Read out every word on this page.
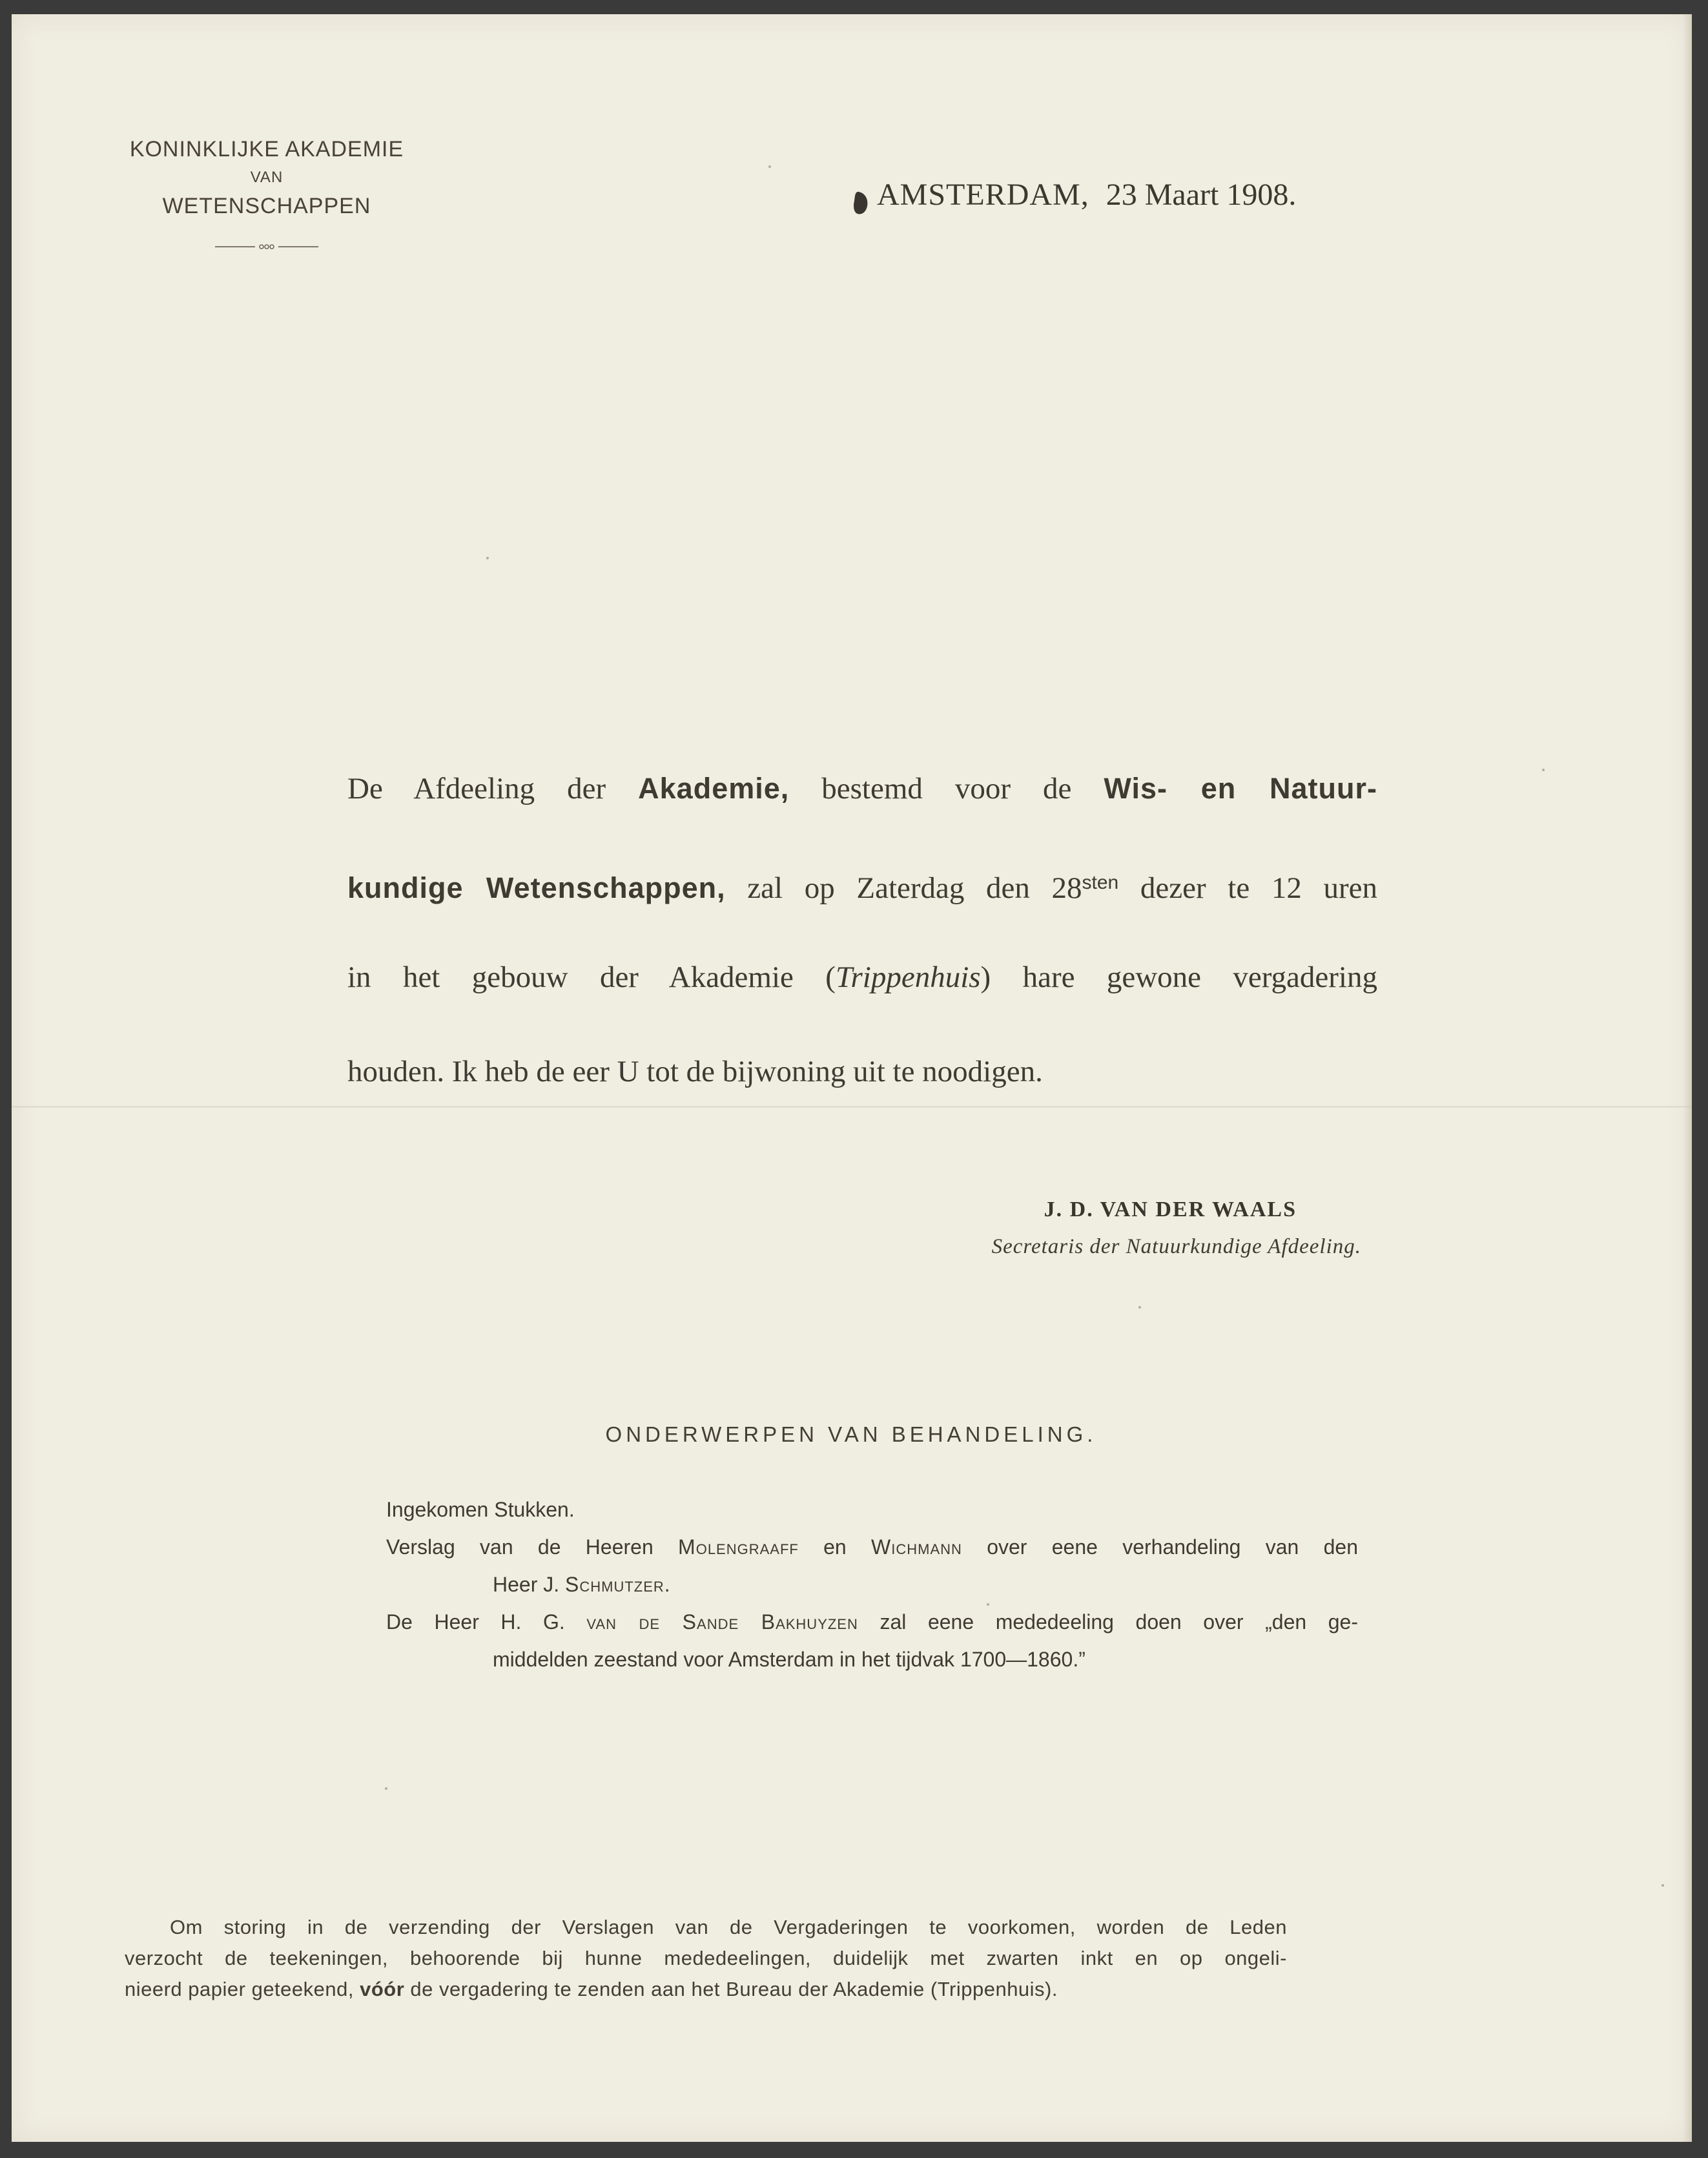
KONINKLIJKE AKADEMIE
VAN
WETENSCHAPPEN	AMSTERDAM,
23 Maart 1908.
De Afdeeling der Akademie, bestemd voor de Wis- en Natuur-
kundige Wetenschappen, zal op Zaterdag den $28^{sten}$ dezer te 12 uren
in het gebouw der Akademie (Trippenhuis) hare gewone vergadering
houden. Ik heb de eer U tot de bijwoning uit te noodigen.
J. D. VAN DER WAALS
Secretaris der Natuurkundige Afdeeling.
ONDERWERPEN VAN BEHANDELING.
Ingekomen Stukken.
Verslag van de Heeren Molengraaff en Wichmann over eene verhandeling van den
Heer J. Schmutzer.
De Heer H. G. van de Sande Bakhuyzen zal eene mededeeling doen over „den ge-
middelden zeestand voor Amsterdam in het tijdvak 1700—1860.”
Om storing in de verzending der Verslagen van de Vergaderingen te voorkomen, worden de Leden
verzocht de teekeningen, behoorende bij hunne mededeelingen, duidelijk met zwarten inkt en op ongeli-
nieerd papier geteekend, vóór de vergadering te zenden aan het Bureau der Akademie (Trippenhuis).
